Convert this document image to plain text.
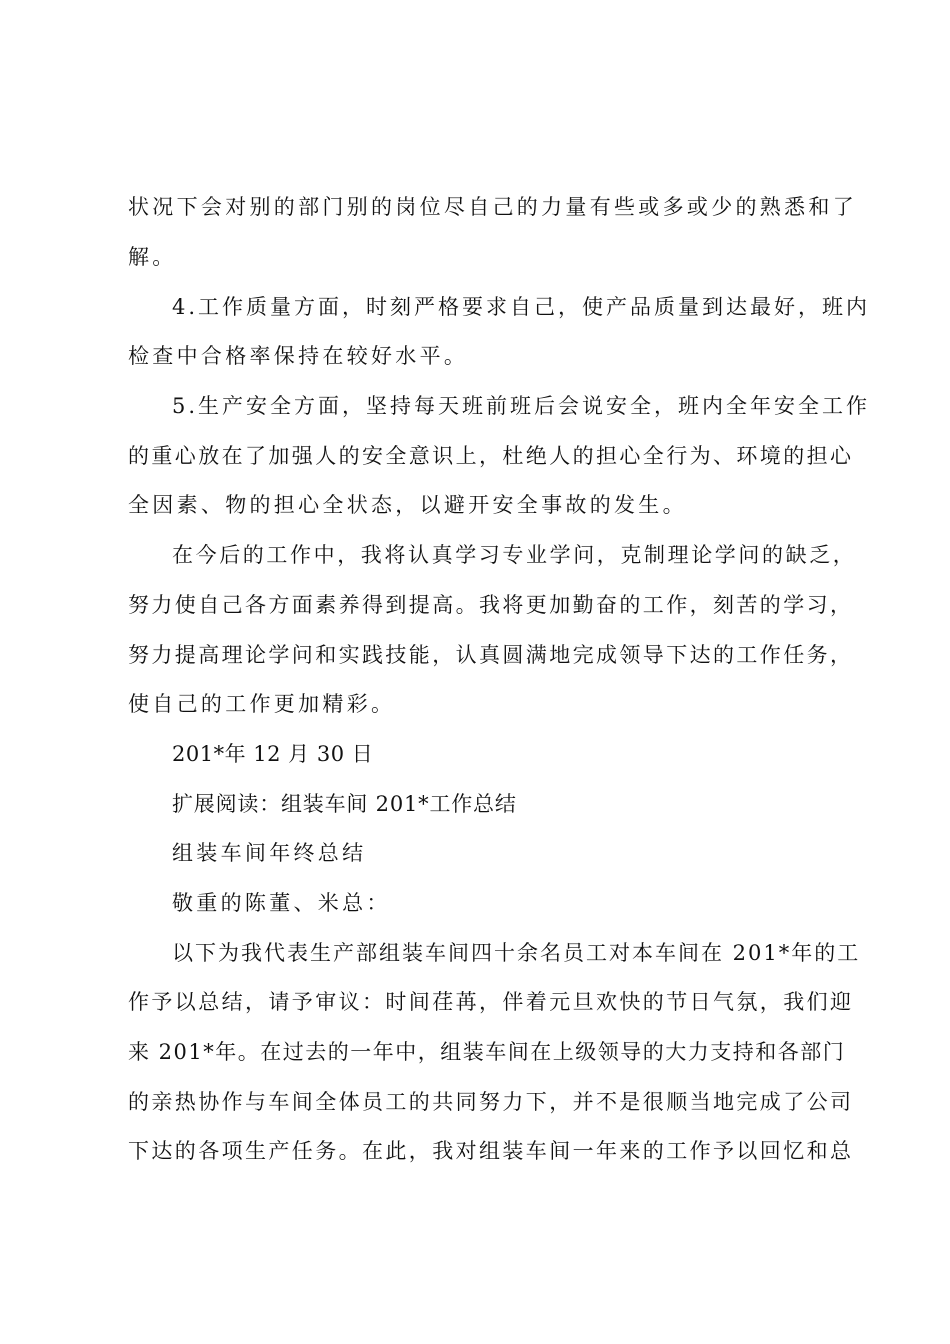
状况下会对别的部门别的岗位尽自己的力量有些或多或少的熟悉和了
解。
4.工作质量方面，时刻严格要求自己，使产品质量到达最好，班内
检查中合格率保持在较好水平。
5.生产安全方面，坚持每天班前班后会说安全，班内全年安全工作
的重心放在了加强人的安全意识上，杜绝人的担心全行为、环境的担心
全因素、物的担心全状态，以避开安全事故的发生。
在今后的工作中，我将认真学习专业学问，克制理论学问的缺乏，
努力使自己各方面素养得到提高。我将更加勤奋的工作，刻苦的学习，
努力提高理论学问和实践技能，认真圆满地完成领导下达的工作任务，
使自己的工作更加精彩。
201*年 12 月 30 日
扩展阅读：组装车间 201*工作总结
组装车间年终总结
敬重的陈董、米总：
以下为我代表生产部组装车间四十余名员工对本车间在 201*年的工
作予以总结，请予审议：时间荏苒，伴着元旦欢快的节日气氛，我们迎
来 201*年。在过去的一年中，组装车间在上级领导的大力支持和各部门
的亲热协作与车间全体员工的共同努力下，并不是很顺当地完成了公司
下达的各项生产任务。在此，我对组装车间一年来的工作予以回忆和总
